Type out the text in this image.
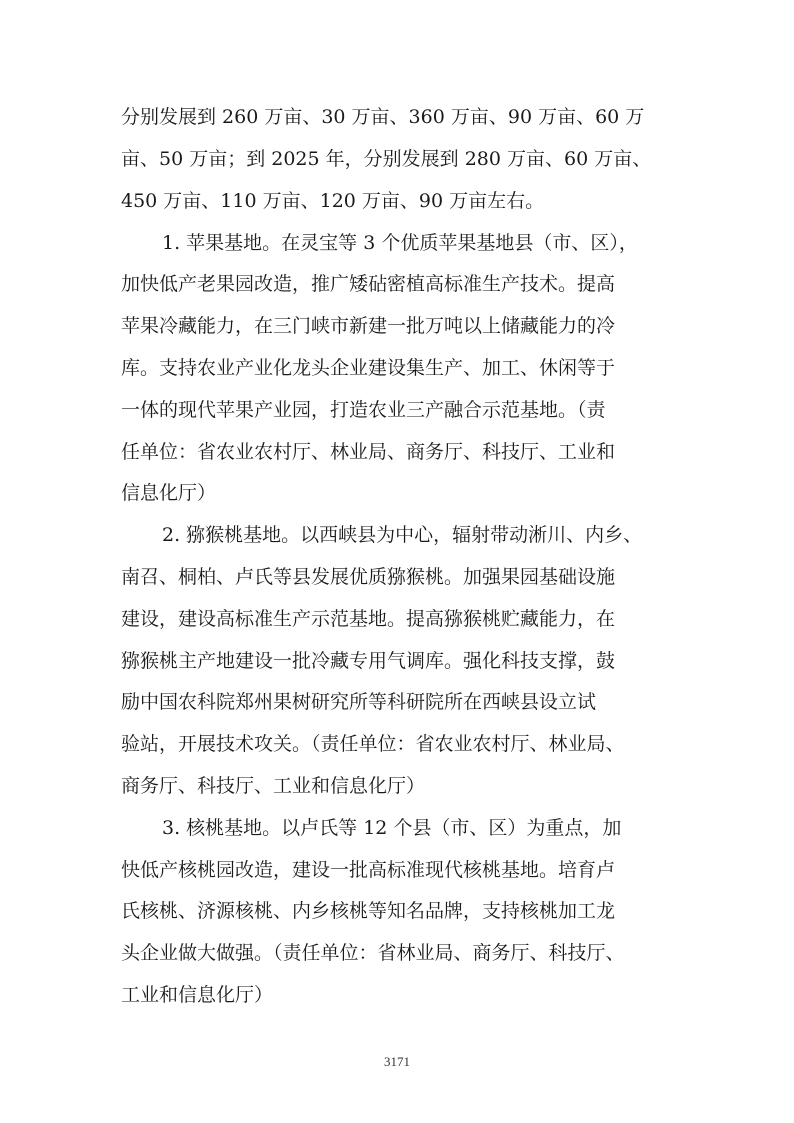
分别发展到 260 万亩、30 万亩、360 万亩、90 万亩、60 万
亩、50 万亩；到 2025 年，分别发展到 280 万亩、60 万亩、
450 万亩、110 万亩、120 万亩、90 万亩左右。
1. 苹果基地。在灵宝等 3 个优质苹果基地县（市、区），
加快低产老果园改造，推广矮砧密植高标准生产技术。提高
苹果冷藏能力，在三门峡市新建一批万吨以上储藏能力的冷
库。支持农业产业化龙头企业建设集生产、加工、休闲等于
一体的现代苹果产业园，打造农业三产融合示范基地。（责
任单位：省农业农村厅、林业局、商务厅、科技厅、工业和
信息化厅）
2. 猕猴桃基地。以西峡县为中心，辐射带动淅川、内乡、
南召、桐柏、卢氏等县发展优质猕猴桃。加强果园基础设施
建设，建设高标准生产示范基地。提高猕猴桃贮藏能力，在
猕猴桃主产地建设一批冷藏专用气调库。强化科技支撑，鼓
励中国农科院郑州果树研究所等科研院所在西峡县设立试
验站，开展技术攻关。（责任单位：省农业农村厅、林业局、
商务厅、科技厅、工业和信息化厅）
3. 核桃基地。以卢氏等 12 个县（市、区）为重点，加
快低产核桃园改造，建设一批高标准现代核桃基地。培育卢
氏核桃、济源核桃、内乡核桃等知名品牌，支持核桃加工龙
头企业做大做强。（责任单位：省林业局、商务厅、科技厅、
工业和信息化厅）
3171
